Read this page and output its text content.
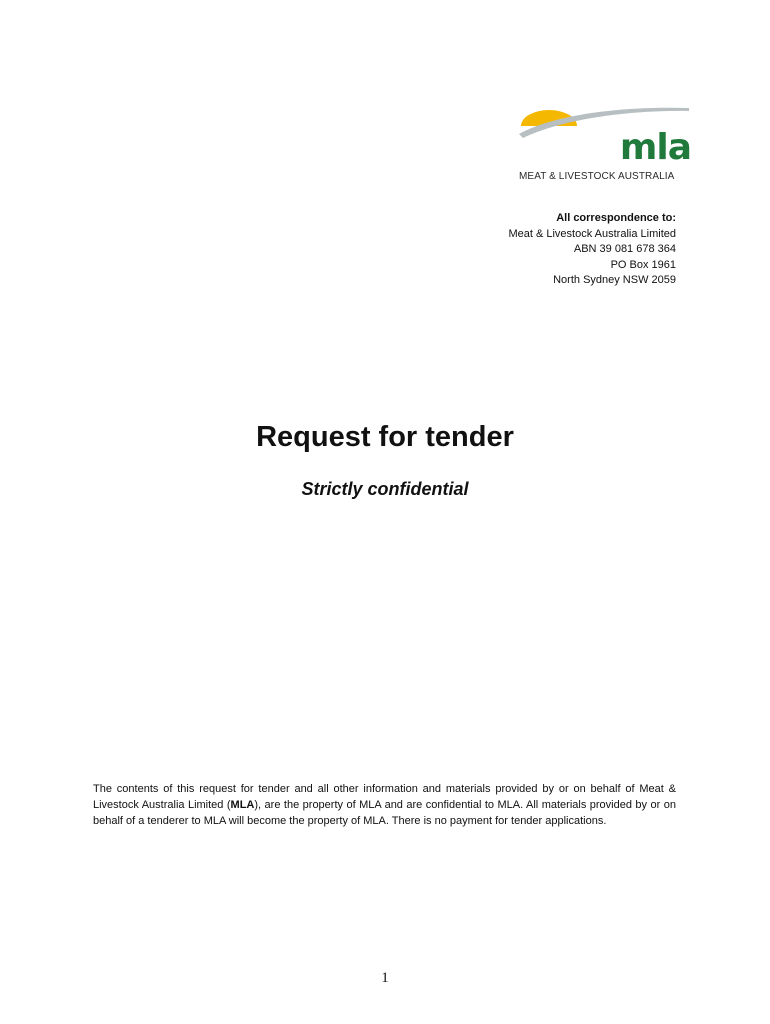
mla
MEAT & LIVESTOCK AUSTRALIA
All correspondence to:
Meat & Livestock Australia Limited
ABN 39 081 678 364
PO Box 1961
North Sydney NSW 2059
Request for tender
Strictly confidential

The contents of this request for tender and all other information and materials provided by or on behalf of Meat & Livestock Australia Limited (MLA), are the property of MLA and are confidential to MLA. All materials provided by or on behalf of a tenderer to MLA will become the property of MLA. There is no payment for tender applications.

1
